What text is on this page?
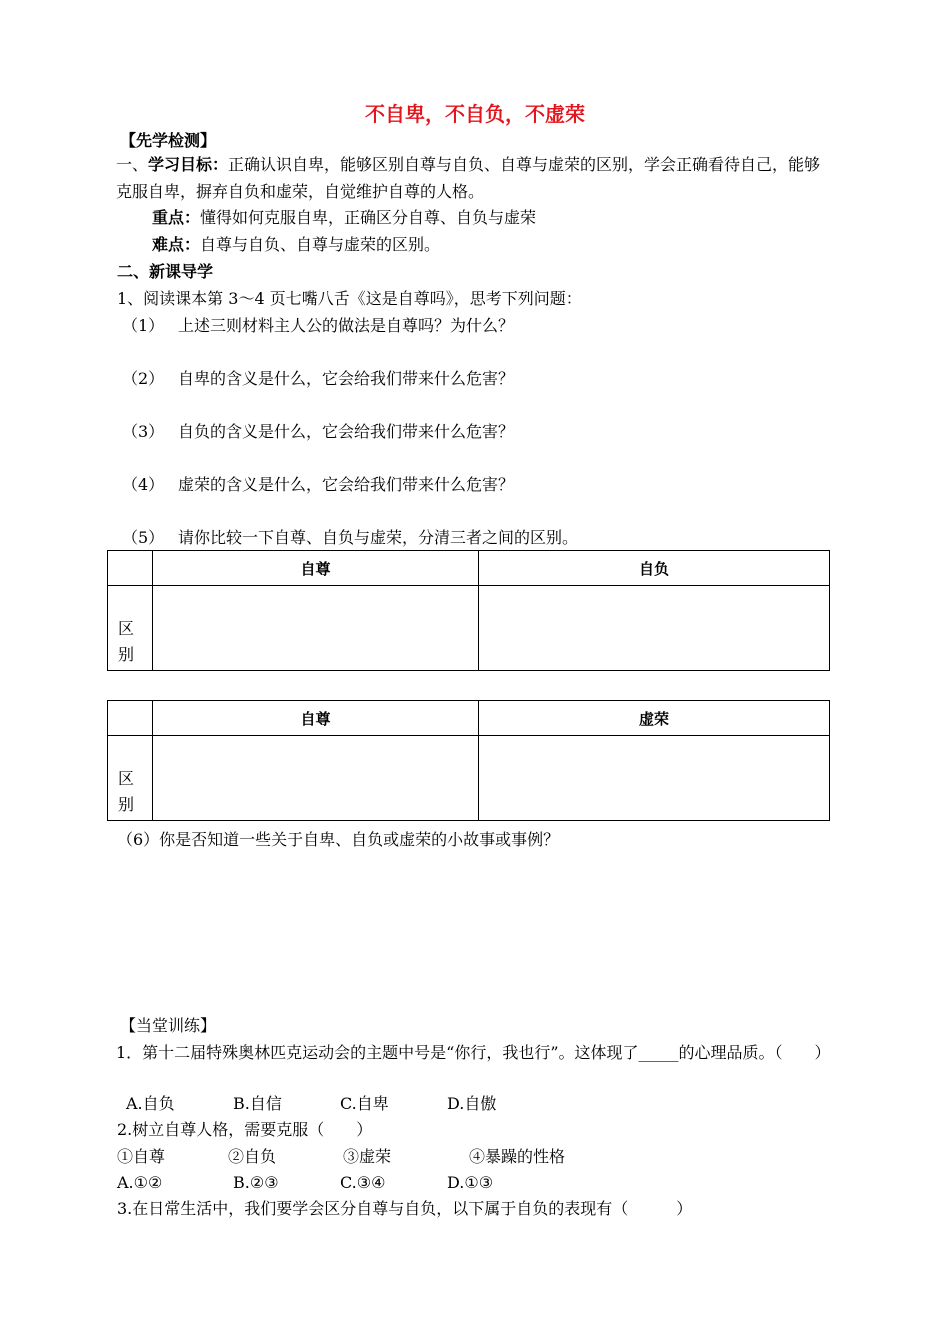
不自卑，不自负，不虚荣
【先学检测】
一、学习目标：正确认识自卑，能够区别自尊与自负、自尊与虚荣的区别，学会正确看待自己，能够克服自卑，摒弃自负和虚荣，自觉维护自尊的人格。
重点：懂得如何克服自卑，正确区分自尊、自负与虚荣
难点：自尊与自负、自尊与虚荣的区别。
二、新课导学
1、阅读课本第 3～4 页七嘴八舌《这是自尊吗》，思考下列问题：
（1） 上述三则材料主人公的做法是自尊吗？为什么？
（2） 自卑的含义是什么，它会给我们带来什么危害？
（3） 自负的含义是什么，它会给我们带来什么危害？
（4） 虚荣的含义是什么，它会给我们带来什么危害？
（5） 请你比较一下自尊、自负与虚荣，分清三者之间的区别。
	自尊	自负

区别		

	自尊	虚荣

区别		

（6）你是否知道一些关于自卑、自负或虚荣的小故事或事例？
【当堂训练】
1．第十二届特殊奥林匹克运动会的主题中号是“你行，我也行”。这体现了_____的心理品质。（　　）
A.自负	B.自信	C.自卑	D.自傲
2.树立自尊人格，需要克服（　　）
①自尊	②自负	③虚荣	④暴躁的性格
A.①②	B.②③	C.③④	D.①③
3.在日常生活中，我们要学会区分自尊与自负，以下属于自负的表现有（　　　）
